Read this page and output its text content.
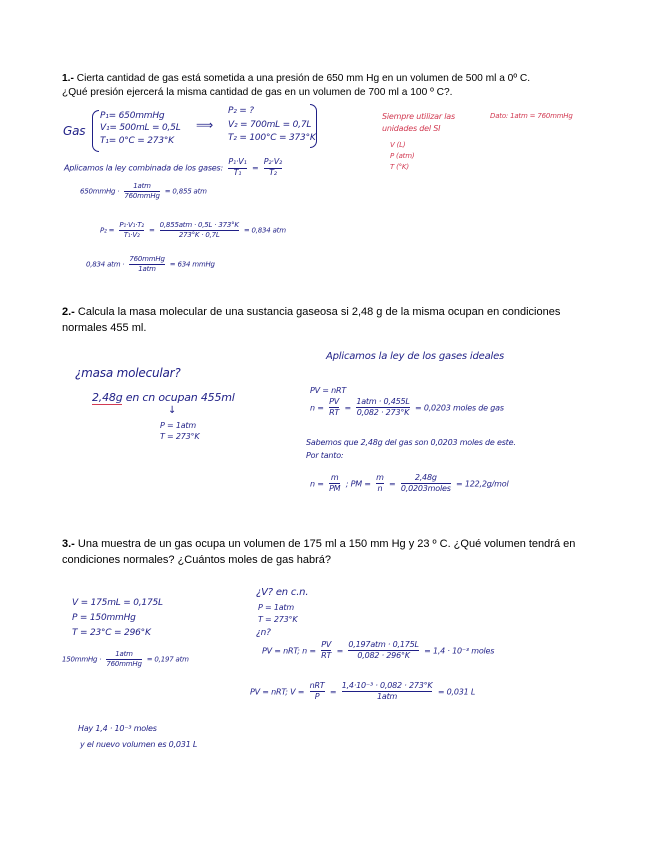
1.- Cierta cantidad de gas está sometida a una presión de 650 mm Hg en un volumen de 500 ml a 0º C.
¿Qué presión ejercerá la misma cantidad de gas en un volumen de 700 ml a 100 º C?.
Gas
P₁= 650mmHg
V₁= 500mL = 0,5L
T₁= 0°C = 273°K
⟹
P₂ = ?
V₂ = 700mL = 0,7L
T₂ = 100°C = 373°K
Siempre utilizar las
unidades del SI
V (L)
P (atm)
T (°K)
Dato: 1atm = 760mmHg
Aplicamos la ley combinada de los gases: $\frac{\text{P₁·V₁}}{\text{T₁}} = \frac{\text{P₂·V₂}}{\text{T₂}}$
650mmHg · $\frac{\text{1atm}}{\text{760mmHg}} = 0,855$ atm
$P_2 = \frac{\text{P₁·V₁·T₂}}{\text{T₁·V₂}} = \frac{\text{0,855atm · 0,5L · 373°K}}{273^\circ K \cdot 0,7L} = 0,834$ atm
0,834 atm · $\frac{\text{760mmHg}}{\text{1atm}} = 634$ mmHg
2.- Calcula la masa molecular de una sustancia gaseosa si 2,48 g de la misma ocupan en condiciones normales 455 ml.
¿masa molecular?
2,48g en cn ocupan 455ml
↓
P = 1atm
T = 273°K
Aplicamos la ley de los gases ideales
PV = nRT
$n = \frac{PV}{RT} = \frac{\text{1atm · 0,455L}}{0,082 \cdot 273^\circ K} = 0,0203$ moles de gas
Sabemos que 2,48g del gas son 0,0203 moles de este.
Por tanto:
$n = \frac{m}{PM}$ ; PM = $\frac{m}{n} = \frac{2,48g}{\text{0,0203moles}} = 122,2g/mol$
3.- Una muestra de un gas ocupa un volumen de 175 ml a 150 mm Hg y 23 º C. ¿Qué volumen tendrá en condiciones normales? ¿Cuántos moles de gas habrá?
V = 175mL = 0,175L
P = 150mmHg
T = 23°C = 296°K
150mmHg · $\frac{\text{1atm}}{\text{760mmHg}} = 0,197$ atm
¿V? en c.n.
P = 1atm
T = 273°K
¿n?
PV = nRT; $n = \frac{PV}{RT} = \frac{\text{0,197atm · 0,175L}}{0,082 \cdot 296^\circ K} = 1,4 \cdot 10^{-3}$ moles
PV = nRT; $V = \frac{\text{nRT}}{P} = \frac{\text{1,4·10⁻³ · 0,082 · 273°K}}{\text{1atm}} = 0,031$ L
Hay 1,4 · 10⁻³ moles
y el nuevo volumen es 0,031 L
